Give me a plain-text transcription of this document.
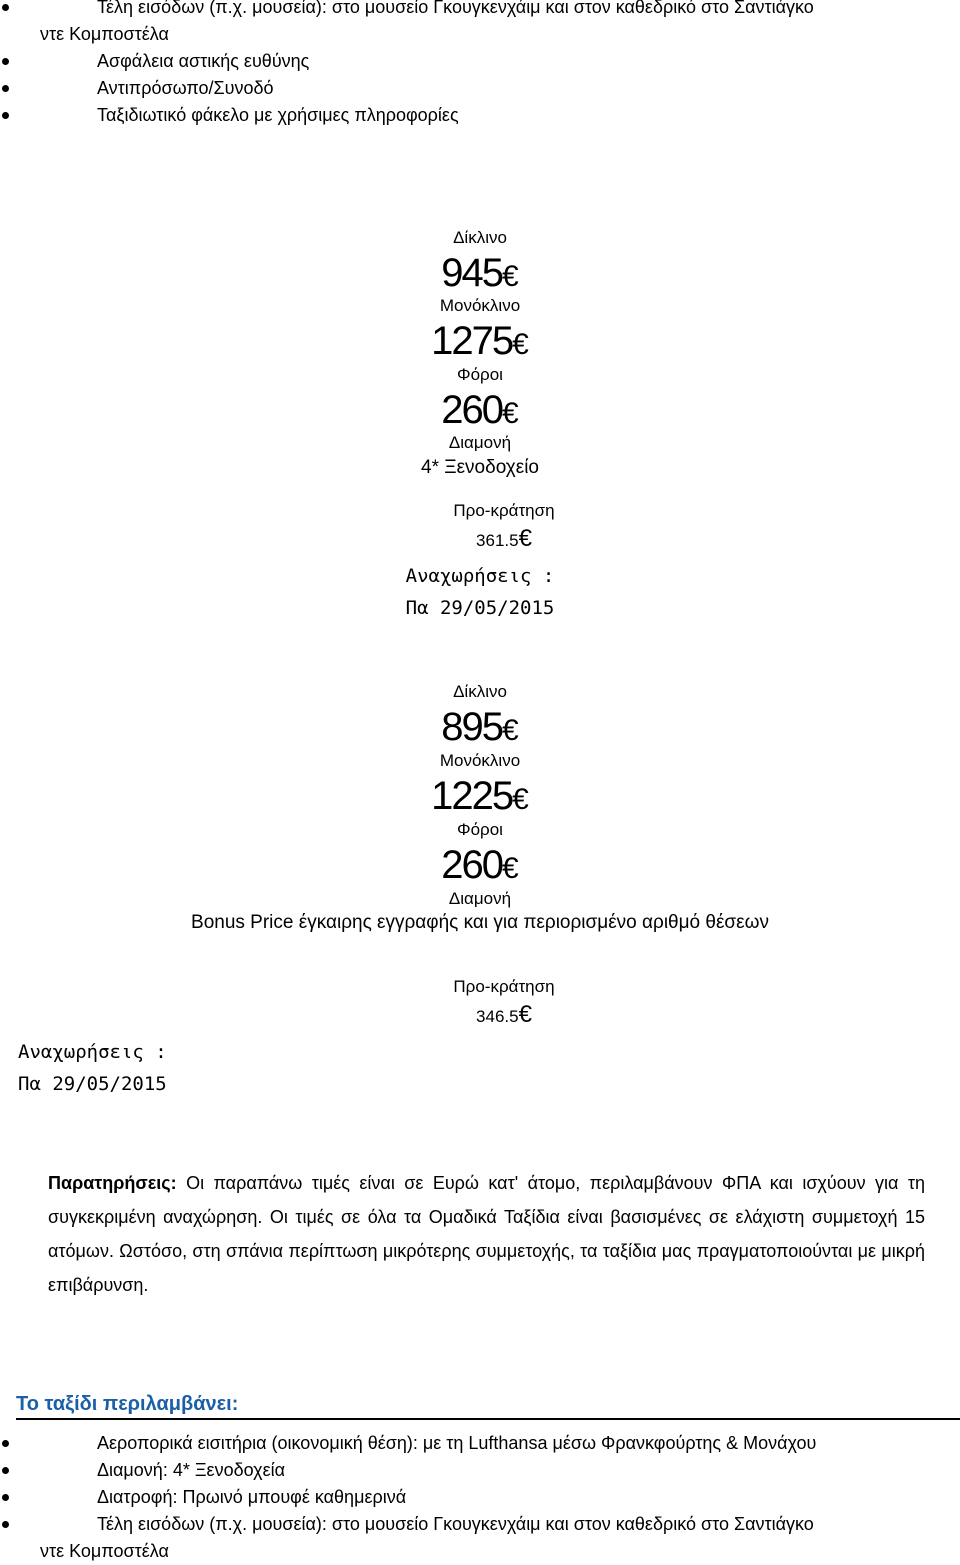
Τέλη εισόδων (π.χ. μουσεία): στο μουσείο Γκουγκενχάιμ και στον καθεδρικό στο Σαντιάγκο
ντε Κομποστέλα
Ασφάλεια αστικής ευθύνης
Αντιπρόσωπο/Συνοδό
Ταξιδιωτικό φάκελο με χρήσιμες πληροφορίες
Δίκλινο
945€
Μονόκλινο
1275€
Φόροι
260€
Διαμονή
4* Ξενοδοχείο
Προ-κράτηση
361.5€
Αναχωρήσεις :
Πα 29/05/2015
Δίκλινο
895€
Μονόκλινο
1225€
Φόροι
260€
Διαμονή
Bonus Price έγκαιρης εγγραφής και για περιορισμένο αριθμό θέσεων
Προ-κράτηση
346.5€
Αναχωρήσεις :
Πα 29/05/2015
Παρατηρήσεις: Οι παραπάνω τιμές είναι σε Ευρώ κατ' άτομο, περιλαμβάνουν ΦΠΑ και ισχύουν για τη συγκεκριμένη αναχώρηση. Οι τιμές σε όλα τα Ομαδικά Ταξίδια είναι βασισμένες σε ελάχιστη συμμετοχή 15 ατόμων. Ωστόσο, στη σπάνια περίπτωση μικρότερης συμμετοχής, τα ταξίδια μας πραγματοποιούνται με μικρή επιβάρυνση.
Το ταξίδι περιλαμβάνει:
Αεροπορικά εισιτήρια (οικονομική θέση): με τη Lufthansa μέσω Φρανκφούρτης & Μονάχου
Διαμονή: 4* Ξενοδοχεία
Διατροφή: Πρωινό μπουφέ καθημερινά
Τέλη εισόδων (π.χ. μουσεία): στο μουσείο Γκουγκενχάιμ και στον καθεδρικό στο Σαντιάγκο
ντε Κομποστέλα
